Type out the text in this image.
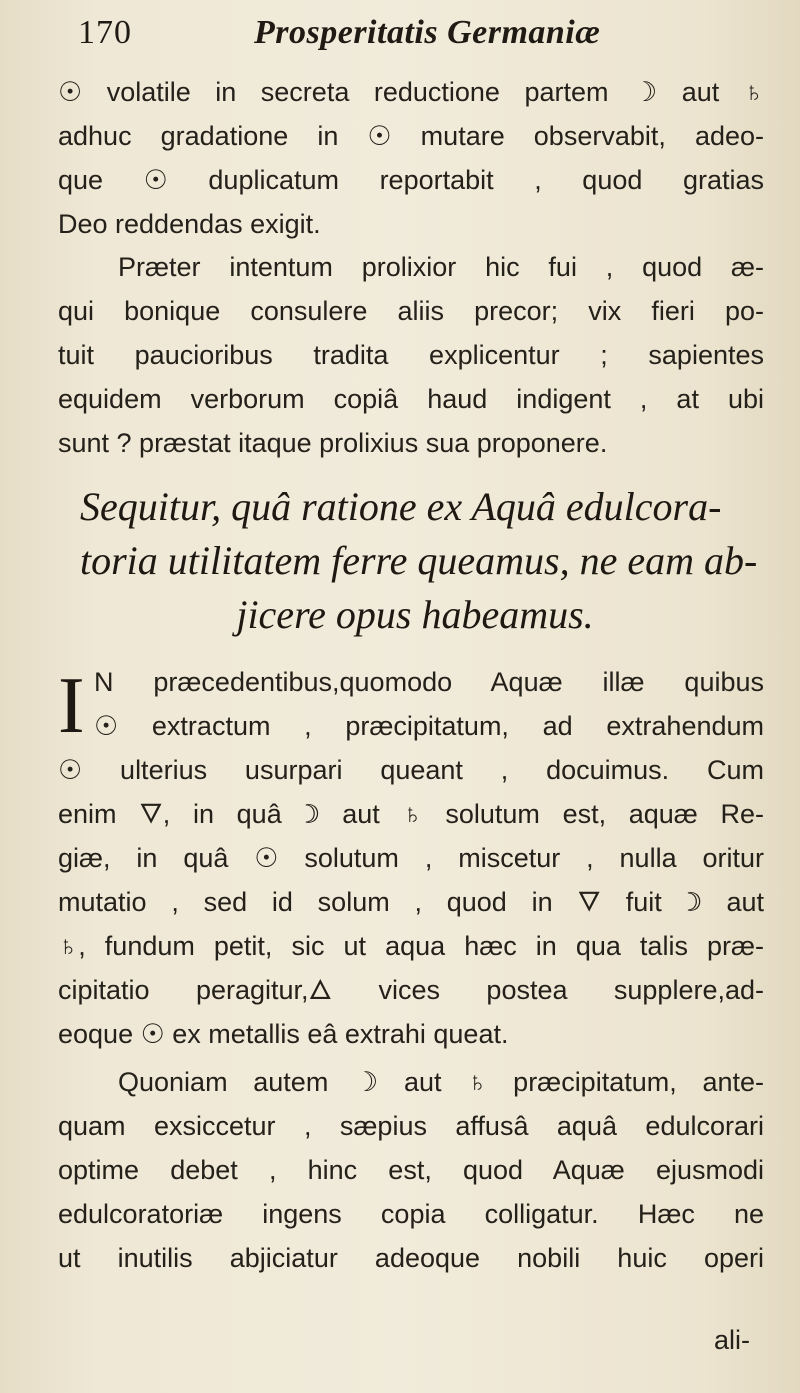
170	Prosperitatis Germaniæ
☉ volatile in secreta reductione partem ☽ aut ♄
adhuc gradatione in ☉ mutare observabit, adeo-
que ☉ duplicatum reportabit , quod gratias
Deo reddendas exigit.
Præter intentum prolixior hic fui , quod æ-
qui bonique consulere aliis precor; vix fieri po-
tuit paucioribus tradita explicentur ; sapientes
equidem verborum copiâ haud indigent , at ubi
sunt ? præstat itaque prolixius sua proponere.
Sequitur, quâ ratione ex Aquâ edulcora-
toria utilitatem ferre queamus, ne eam ab-
jicere opus habeamus.
I N præcedentibus,quomodo Aquæ illæ quibus
☉ extractum , præcipitatum, ad extrahendum
☉ ulterius usurpari queant , docuimus. Cum
enim 🜄, in quâ ☽ aut ♄ solutum est, aquæ Re-
giæ, in quâ ☉ solutum , miscetur , nulla oritur
mutatio , sed id solum , quod in 🜄 fuit ☽ aut
♄, fundum petit, sic ut aqua hæc in qua talis præ-
cipitatio peragitur,🜂 vices postea supplere,ad-
eoque ☉ ex metallis eâ extrahi queat.
Quoniam autem ☽ aut ♄ præcipitatum, ante-
quam exsiccetur , sæpius affusâ aquâ edulcorari
optime debet , hinc est, quod Aquæ ejusmodi
edulcoratoriæ ingens copia colligatur. Hæc ne
ut inutilis abjiciatur adeoque nobili huic operi
ali-
